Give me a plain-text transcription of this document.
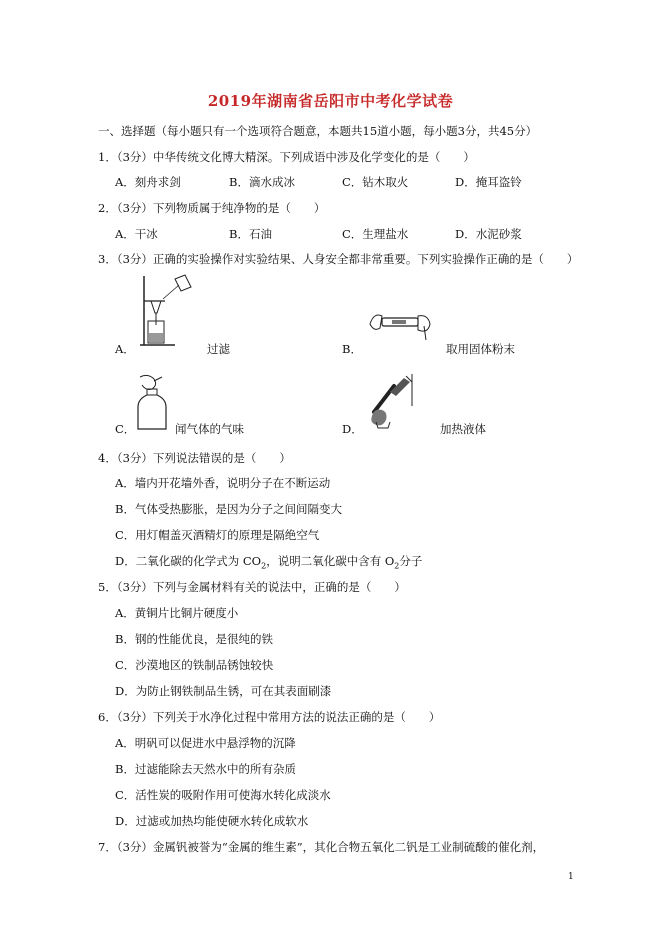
2019年湖南省岳阳市中考化学试卷
一、选择题（每小题只有一个选项符合题意，本题共15道小题，每小题3分，共45分）
1．（3分）中华传统文化博大精深。下列成语中涉及化学变化的是（　　）
A．刻舟求剑	B．滴水成冰	C．钻木取火	D．掩耳盗铃
2．（3分）下列物质属于纯净物的是（　　）
A．干冰	B．石油	C．生理盐水	D．水泥砂浆
3．（3分）正确的实验操作对实验结果、人身安全都非常重要。下列实验操作正确的是（　　）
A．	过滤	B．	取用固体粉末
C．	闻气体的气味	D．	加热液体
4．（3分）下列说法错误的是（　　）
A．墙内开花墙外香，说明分子在不断运动
B．气体受热膨胀，是因为分子之间间隔变大
C．用灯帽盖灭酒精灯的原理是隔绝空气
D．二氧化碳的化学式为 $CO_2$，说明二氧化碳中含有 $O_2$分子
5．（3分）下列与金属材料有关的说法中，正确的是（　　）
A．黄铜片比铜片硬度小
B．钢的性能优良，是很纯的铁
C．沙漠地区的铁制品锈蚀较快
D．为防止钢铁制品生锈，可在其表面刷漆
6．（3分）下列关于水净化过程中常用方法的说法正确的是（　　）
A．明矾可以促进水中悬浮物的沉降
B．过滤能除去天然水中的所有杂质
C．活性炭的吸附作用可使海水转化成淡水
D．过滤或加热均能使硬水转化成软水
7．（3分）金属钒被誉为“金属的维生素”，其化合物五氧化二钒是工业制硫酸的催化剂，
1
